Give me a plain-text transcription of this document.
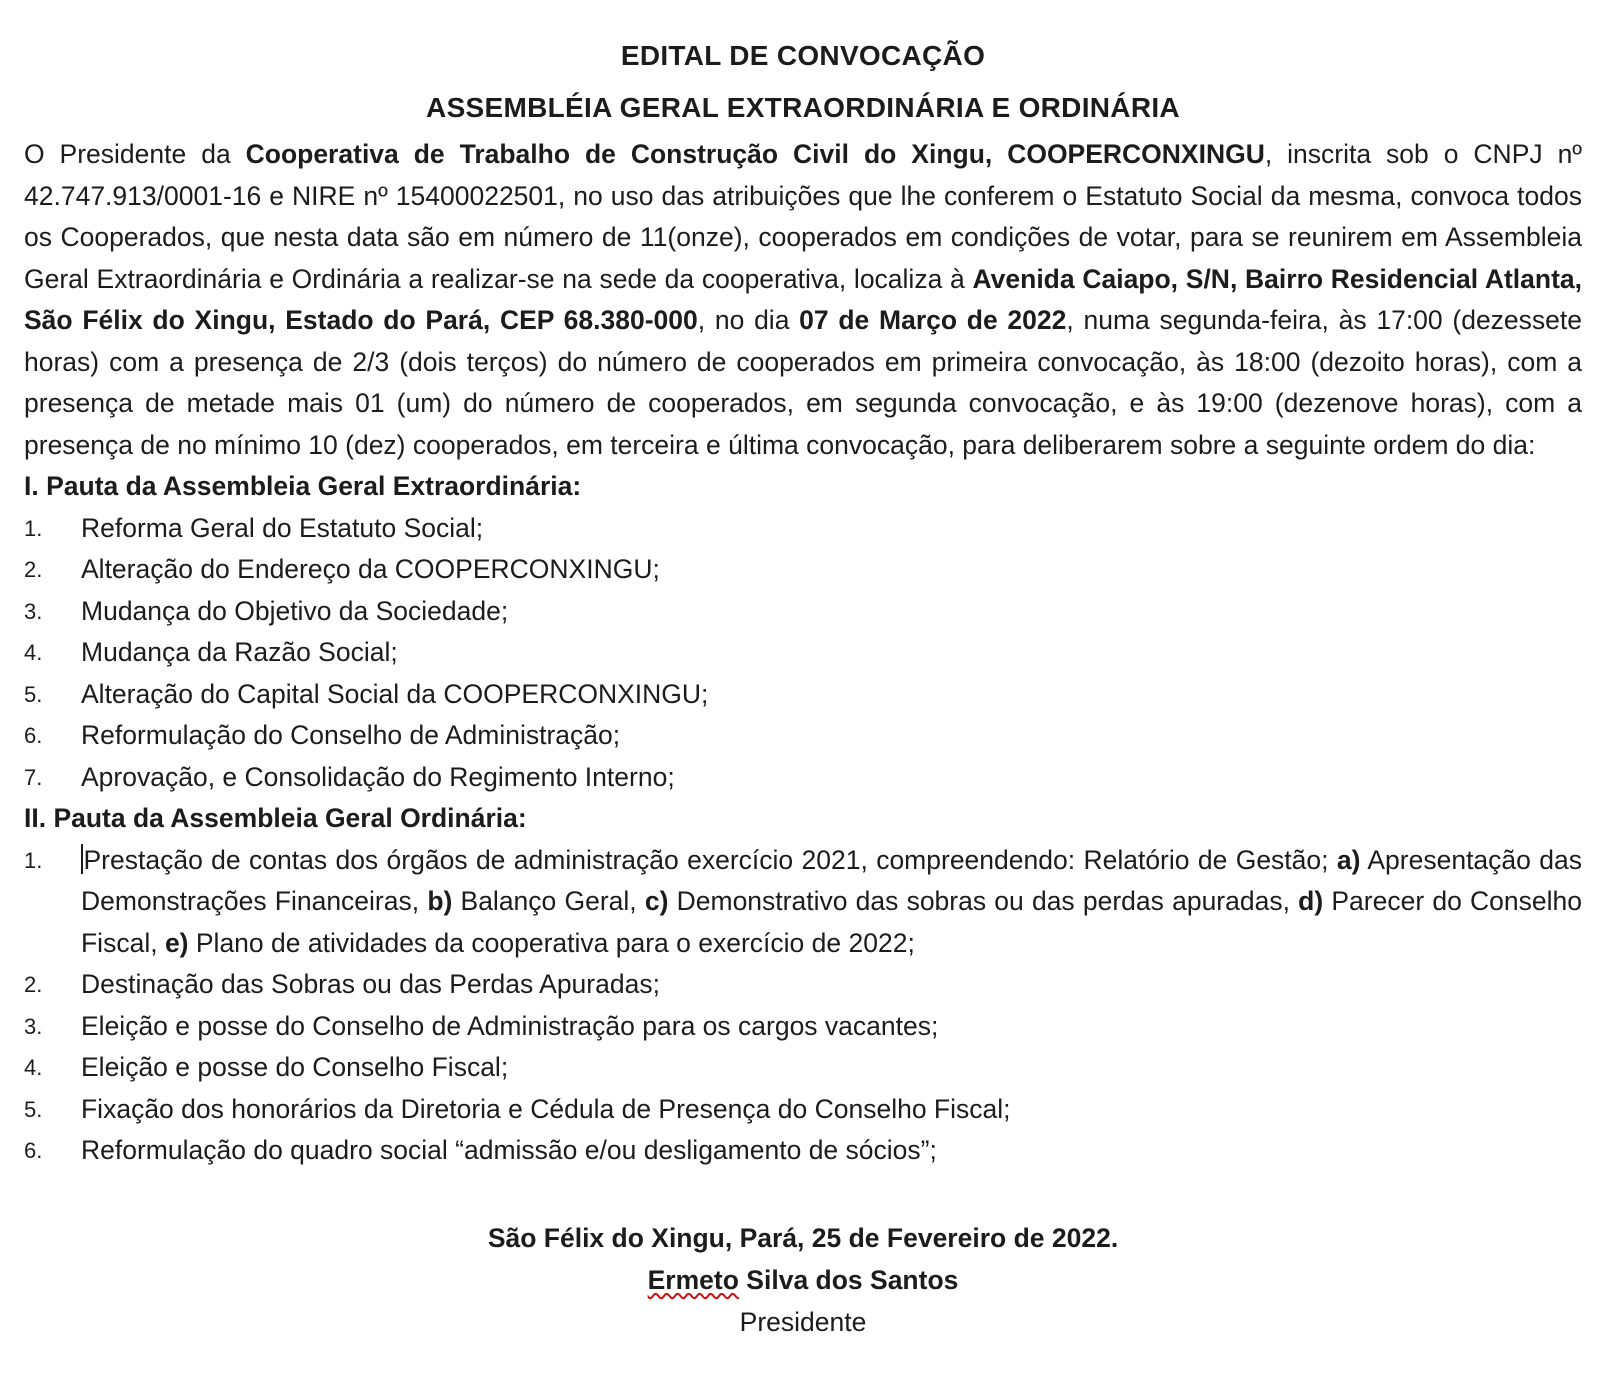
EDITAL DE CONVOCAÇÃO
ASSEMBLÉIA GERAL EXTRAORDINÁRIA E ORDINÁRIA

O Presidente da Cooperativa de Trabalho de Construção Civil do Xingu, COOPERCONXINGU, inscrita sob o CNPJ nº 42.747.913/0001-16 e NIRE nº 15400022501, no uso das atribuições que lhe conferem o Estatuto Social da mesma, convoca todos os Cooperados, que nesta data são em número de 11(onze), cooperados em condições de votar, para se reunirem em Assembleia Geral Extraordinária e Ordinária a realizar-se na sede da cooperativa, localiza à Avenida Caiapo, S/N, Bairro Residencial Atlanta, São Félix do Xingu, Estado do Pará, CEP 68.380-000, no dia 07 de Março de 2022, numa segunda-feira, às 17:00 (dezessete horas) com a presença de 2/3 (dois terços) do número de cooperados em primeira convocação, às 18:00 (dezoito horas), com a presença de metade mais 01 (um) do número de cooperados, em segunda convocação, e às 19:00 (dezenove horas), com a presença de no mínimo 10 (dez) cooperados, em terceira e última convocação, para deliberarem sobre a seguinte ordem do dia:

I. Pauta da Assembleia Geral Extraordinária:

1.	Reforma Geral do Estatuto Social;
2.	Alteração do Endereço da COOPERCONXINGU;
3.	Mudança do Objetivo da Sociedade;
4.	Mudança da Razão Social;
5.	Alteração do Capital Social da COOPERCONXINGU;
6.	Reformulação do Conselho de Administração;
7.	Aprovação, e Consolidação do Regimento Interno;

II. Pauta da Assembleia Geral Ordinária:

1.	Prestação de contas dos órgãos de administração exercício 2021, compreendendo: Relatório de Gestão; a) Apresentação das Demonstrações Financeiras, b) Balanço Geral, c) Demonstrativo das sobras ou das perdas apuradas, d) Parecer do Conselho Fiscal, e) Plano de atividades da cooperativa para o exercício de 2022;
2.	Destinação das Sobras ou das Perdas Apuradas;
3.	Eleição e posse do Conselho de Administração para os cargos vacantes;
4.	Eleição e posse do Conselho Fiscal;
5.	Fixação dos honorários da Diretoria e Cédula de Presença do Conselho Fiscal;
6.	Reformulação do quadro social “admissão e/ou desligamento de sócios”;
São Félix do Xingu, Pará, 25 de Fevereiro de 2022.
Ermeto Silva dos Santos
Presidente
